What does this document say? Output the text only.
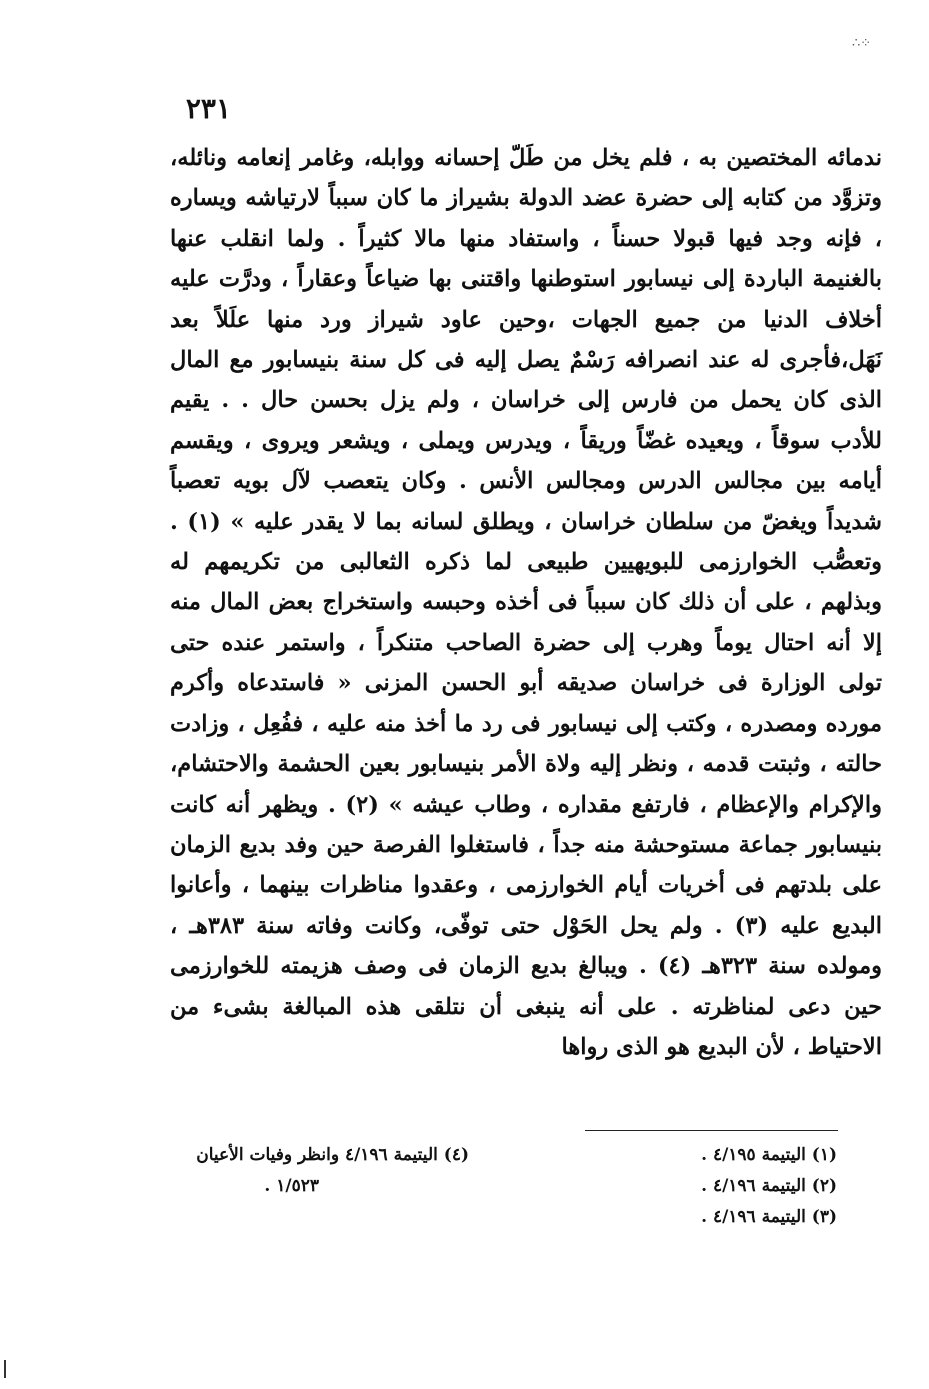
∴⁘
٢٣١

ندمائه المختصين به ، فلم يخل من طَلّ إحسانه ووابله، وغامر إنعامه ونائله، وتزوَّد من كتابه إلى حضرة عضد الدولة بشيراز ما كان سبباً لارتياشه ويساره ، فإنه وجد فيها قبولا حسناً ، واستفاد منها مالا كثيراً . ولما انقلب عنها بالغنيمة الباردة إلى نيسابور استوطنها واقتنى بها ضياعاً وعقاراً ، ودرَّت عليه أخلاف الدنيا من جميع الجهات ،وحين عاود شيراز ورد منها علَلاً بعد نَهَل،فأجرى له عند انصرافه رَسْمٌ يصل إليه فى كل سنة بنيسابور مع المال الذى كان يحمل من فارس إلى خراسان ، ولم يزل بحسن حال . . يقيم للأدب سوقاً ، ويعيده غضّاً وريقاً ، ويدرس ويملى ، ويشعر ويروى ، ويقسم أيامه بين مجالس الدرس ومجالس الأنس . وكان يتعصب لآل بويه تعصباً شديداً ويغضّ من سلطان خراسان ، ويطلق لسانه بما لا يقدر عليه » (١) . وتعصُّب الخوارزمى للبويهيين طبيعى لما ذكره الثعالبى من تكريمهم له وبذلهم ، على أن ذلك كان سبباً فى أخذه وحبسه واستخراج بعض المال منه إلا أنه احتال يوماً وهرب إلى حضرة الصاحب متنكراً ، واستمر عنده حتى تولى الوزارة فى خراسان صديقه أبو الحسن المزنى « فاستدعاه وأكرم مورده ومصدره ، وكتب إلى نيسابور فى رد ما أخذ منه عليه ، ففُعِل ، وزادت حالته ، وثبتت قدمه ، ونظر إليه ولاة الأمر بنيسابور بعين الحشمة والاحتشام، والإكرام والإعظام ، فارتفع مقداره ، وطاب عيشه » (٢) . ويظهر أنه كانت بنيسابور جماعة مستوحشة منه جداً ، فاستغلوا الفرصة حين وفد بديع الزمان على بلدتهم فى أخريات أيام الخوارزمى ، وعقدوا مناظرات بينهما ، وأعانوا البديع عليه (٣) . ولم يحل الحَوْل حتى توفّى، وكانت وفاته سنة ٣٨٣هـ ، ومولده سنة ٣٢٣هـ (٤) . ويبالغ بديع الزمان فى وصف هزيمته للخوارزمى حين دعى لمناظرته . على أنه ينبغى أن نتلقى هذه المبالغة بشىء من الاحتياط ، لأن البديع هو الذى رواها

(١) اليتيمة ٤/١٩٥ .
(٢) اليتيمة ٤/١٩٦ .
(٣) اليتيمة ٤/١٩٦ .
(٤) اليتيمة ٤/١٩٦ وانظر وفيات الأعيان
١/٥٢٣ .
